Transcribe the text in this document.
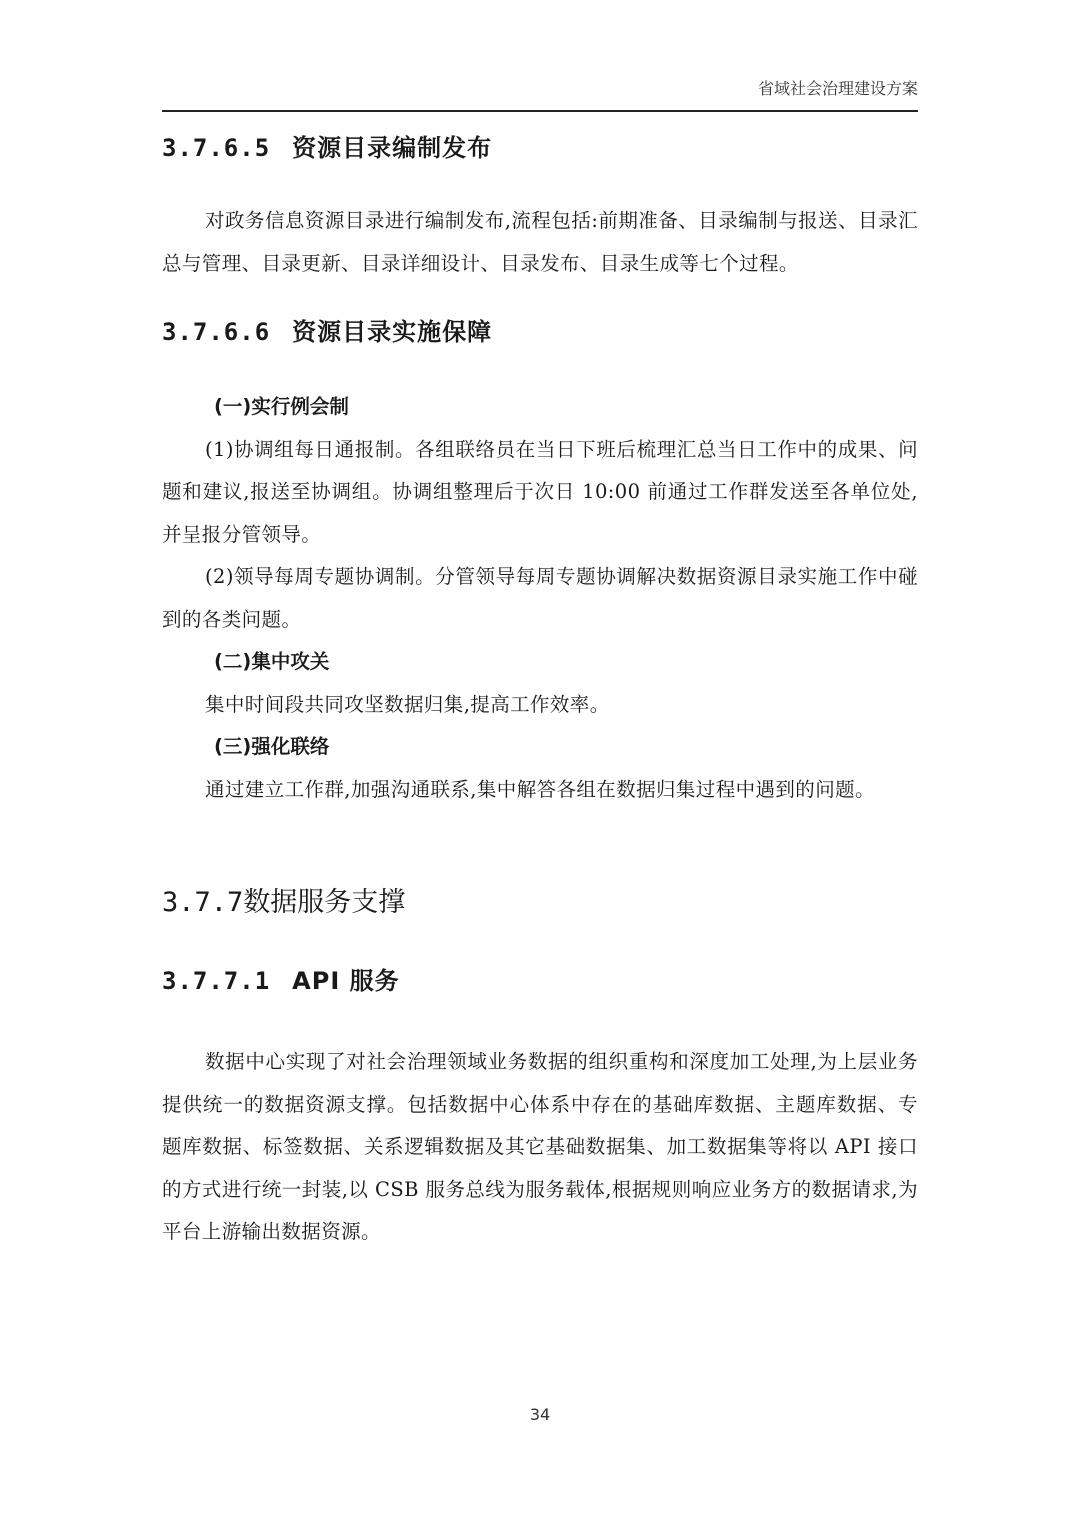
省域社会治理建设方案
3.7.6.5 资源目录编制发布

对政务信息资源目录进行编制发布,流程包括:前期准备、目录编制与报送、目录汇总与管理、目录更新、目录详细设计、目录发布、目录生成等七个过程。

3.7.6.6 资源目录实施保障
(一)实行例会制

(1)协调组每日通报制。各组联络员在当日下班后梳理汇总当日工作中的成果、问题和建议,报送至协调组。协调组整理后于次日 10:00 前通过工作群发送至各单位处,并呈报分管领导。

(2)领导每周专题协调制。分管领导每周专题协调解决数据资源目录实施工作中碰到的各类问题。

(二)集中攻关

集中时间段共同攻坚数据归集,提高工作效率。

(三)强化联络

通过建立工作群,加强沟通联系,集中解答各组在数据归集过程中遇到的问题。

3.7.7数据服务支撑
3.7.7.1 API 服务

数据中心实现了对社会治理领域业务数据的组织重构和深度加工处理,为上层业务提供统一的数据资源支撑。包括数据中心体系中存在的基础库数据、主题库数据、专题库数据、标签数据、关系逻辑数据及其它基础数据集、加工数据集等将以 API 接口的方式进行统一封装,以 CSB 服务总线为服务载体,根据规则响应业务方的数据请求,为平台上游输出数据资源。

34
